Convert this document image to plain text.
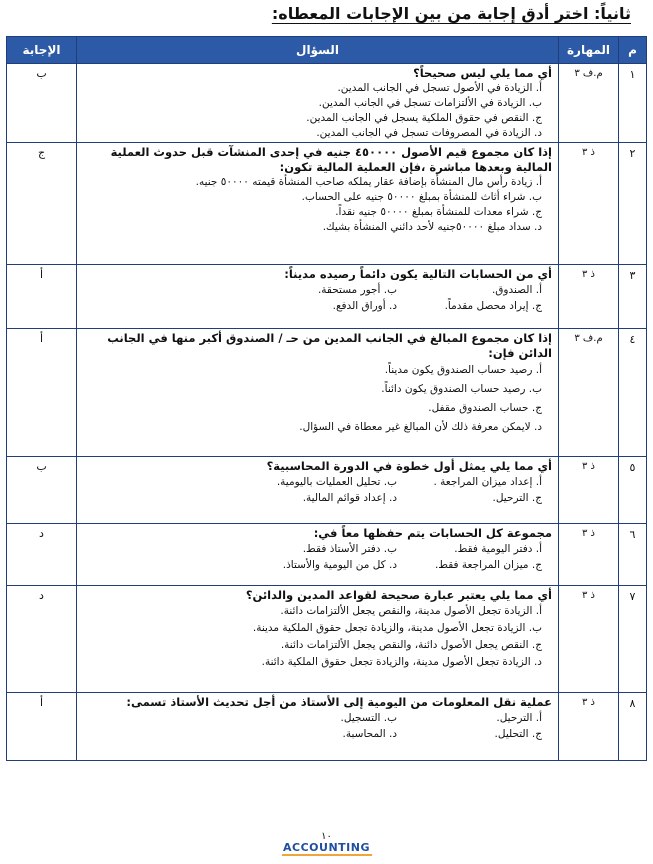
ثانياً: اختر أدق إجابة من بين الإجابات المعطاه:
م	المهارة	السؤال	الإجابة
١	م.ف ٣	أي مما يلي ليس صحيحاً؟
أ. الزيادة في الأصول تسجل في الجانب المدين.
ب. الزيادة في الألتزامات تسجل في الجانب المدين.
ج. النقص في حقوق الملكية يسجل في الجانب المدين.
د. الزيادة في المصروفات تسجل في الجانب المدين.	ب
٢	ذ ٣	إذا كان مجموع قيم الأصول ٤٥٠٠٠٠ جنيه في إحدى المنشآت قبل حدوث العملية المالية وبعدها مباشرة ،فإن العملية المالية تكون:
أ. زيادة رأس مال المنشأة بإضافة عقار يملكه صاحب المنشأة قيمته ٥٠٠٠٠ جنيه.
ب. شراء أثاث للمنشأة بمبلغ ٥٠٠٠٠ جنيه على الحساب.
ج. شراء معدات للمنشأة بمبلغ ٥٠٠٠٠ جنيه نقداً.
د. سداد مبلغ ٥٠٠٠٠جنيه لأحد دائني المنشأة بشيك.	ج
٣	ذ ٣	أي من الحسابات التالية يكون دائماً رصيده مديناً:
أ. الصندوق.
ب. أجور مستحقة.
ج. إيراد محصل مقدماً.
د. أوراق الدفع.	أ
٤	م.ف ٣	إذا كان مجموع المبالغ في الجانب المدين من حـ / الصندوق أكبر منها في الجانب الدائن فإن:
أ. رصيد حساب الصندوق يكون مديناً.
ب. رصيد حساب الصندوق يكون دائناً.
ج. حساب الصندوق مقفل.
د. لايمكن معرفة ذلك لأن المبالغ غير معطاة في السؤال.	أ
٥	ذ ٣	أي مما يلي يمثل أول خطوة في الدورة المحاسبية؟
أ. إعداد ميزان المراجعة .
ب. تحليل العمليات باليومية.
ج. الترحيل.
د. إعداد قوائم المالية.	ب
٦	ذ ٣	مجموعة كل الحسابات يتم حفظها معاً في:
أ. دفتر اليومية فقط.
ب. دفتر الأستاذ فقط.
ج. ميزان المراجعة فقط.
د. كل من اليومية والأستاذ.	د
٧	ذ ٣	أي مما يلي يعتبر عبارة صحيحة لقواعد المدين والدائن؟
أ. الزيادة تجعل الأصول مدينة، والنقص يجعل الألتزامات دائنة.
ب. الزيادة تجعل الأصول مدينة، والزيادة تجعل حقوق الملكية مدينة.
ج. النقص يجعل الأصول دائنة، والنقص يجعل الألتزامات دائنة.
د. الزيادة تجعل الأصول مدينة، والزيادة تجعل حقوق الملكية دائنة.	د
٨	ذ ٣	عملية نقل المعلومات من اليومية إلى الأستاذ من أجل تحديث الأستاذ تسمى:
أ. الترحيل.
ب. التسجيل.
ج. التحليل.
د. المحاسبة.	أ
١٠
ACCOUNTING
